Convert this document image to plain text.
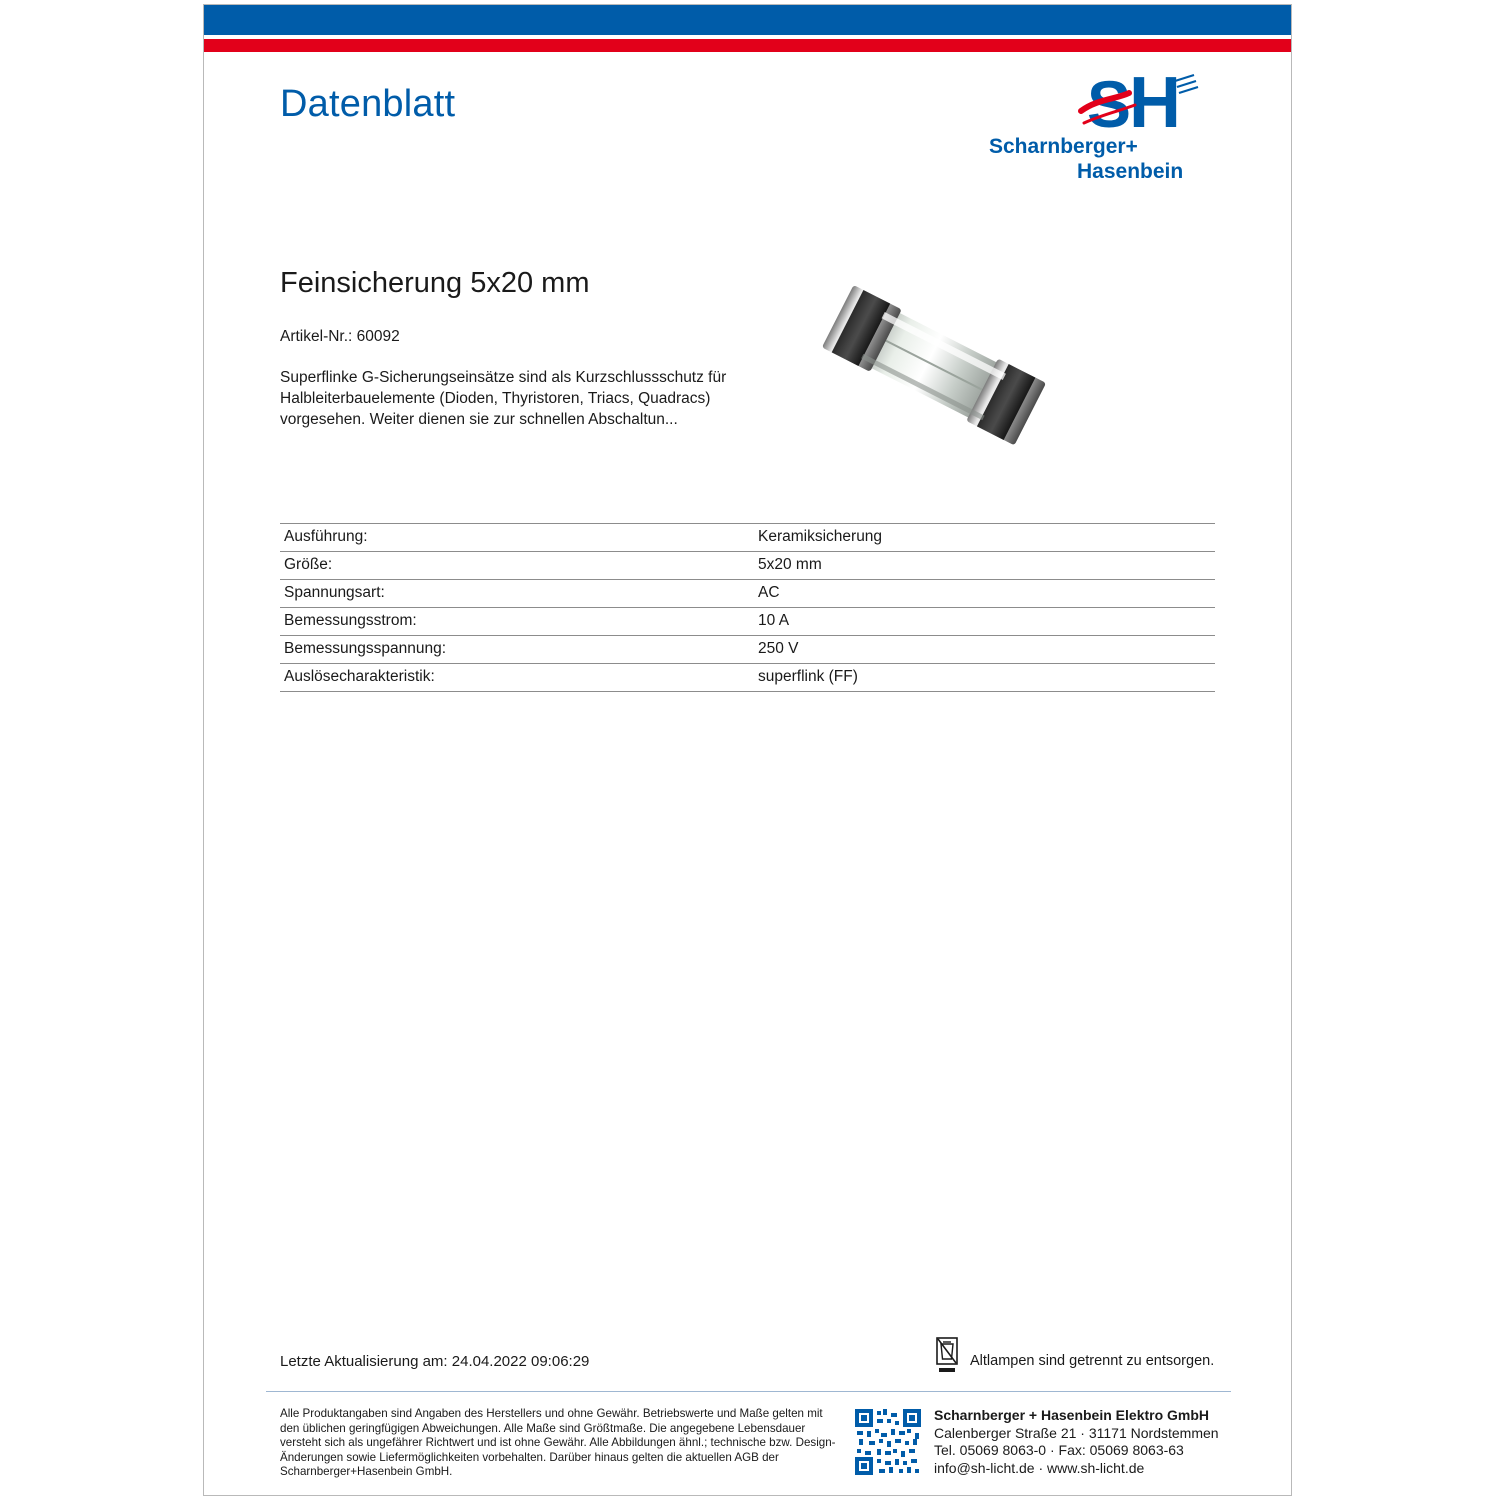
Datenblatt	S
H
Scharnberger+
Hasenbein
Feinsicherung 5x20 mm
Artikel-Nr.: 60092
Superflinke G-Sicherungseinsätze sind als Kurzschlussschutz für Halbleiterbauelemente (Dioden, Thyristoren, Triacs, Quadracs) vorgesehen. Weiter dienen sie zur schnellen Abschaltun...
Ausführung:	Keramiksicherung
Größe:	5x20 mm
Spannungsart:	AC
Bemessungsstrom:	10 A
Bemessungsspannung:	250 V
Auslösecharakteristik:	superflink (FF)
Letzte Aktualisierung am: 24.04.2022 09:06:29	Altlampen sind getrennt zu entsorgen.
Alle Produktangaben sind Angaben des Herstellers und ohne Gewähr. Betriebswerte und Maße gelten mit den üblichen geringfügigen Abweichungen. Alle Maße sind Größtmaße. Die angegebene Lebensdauer versteht sich als ungefährer Richtwert und ist ohne Gewähr. Alle Abbildungen ähnl.; technische bzw. Design-Änderungen sowie Liefermöglichkeiten vorbehalten. Darüber hinaus gelten die aktuellen AGB der Scharnberger+Hasenbein GmbH.
Scharnberger + Hasenbein Elektro GmbH
Calenberger Straße 21 · 31171 Nordstemmen
Tel. 05069 8063-0 · Fax: 05069 8063-63
info@sh-licht.de · www.sh-licht.de
